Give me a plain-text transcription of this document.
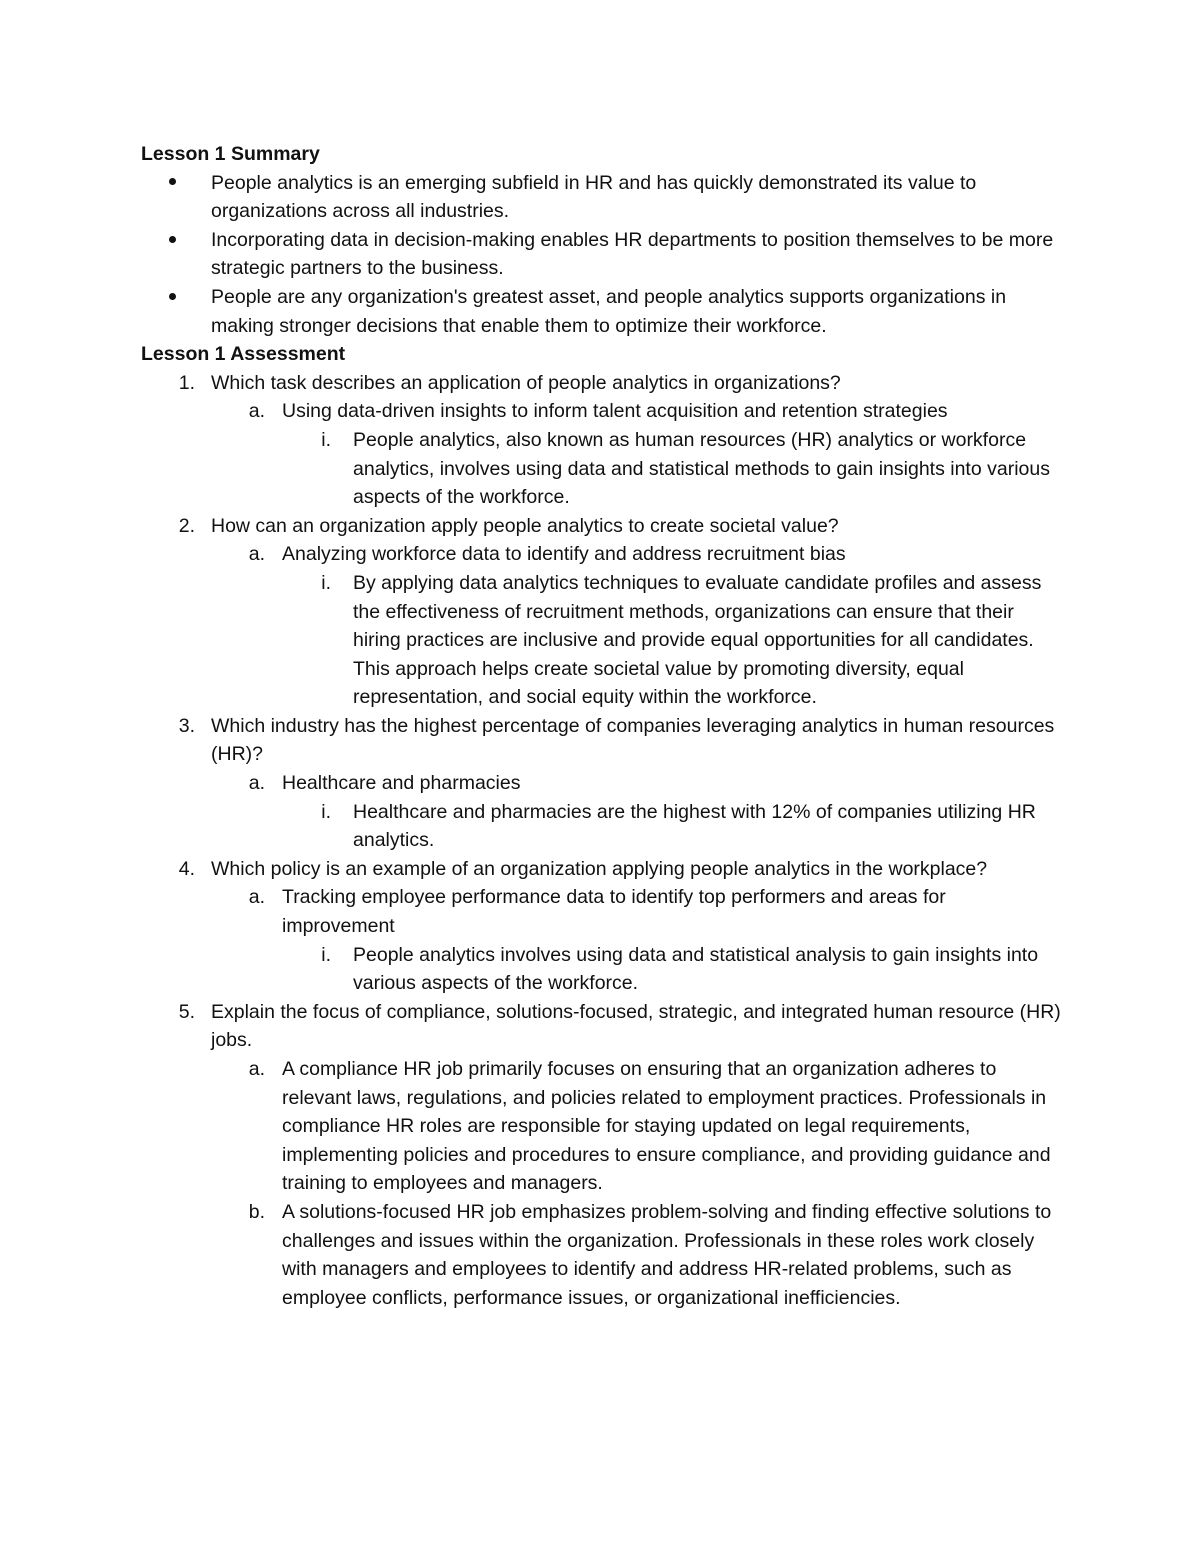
Lesson 1 Summary
People analytics is an emerging subfield in HR and has quickly demonstrated its value to organizations across all industries.
Incorporating data in decision-making enables HR departments to position themselves to be more strategic partners to the business.
People are any organization's greatest asset, and people analytics supports organizations in making stronger decisions that enable them to optimize their workforce.
Lesson 1 Assessment
1. Which task describes an application of people analytics in organizations?
a. Using data-driven insights to inform talent acquisition and retention strategies
i. People analytics, also known as human resources (HR) analytics or workforce analytics, involves using data and statistical methods to gain insights into various aspects of the workforce.
2. How can an organization apply people analytics to create societal value?
a. Analyzing workforce data to identify and address recruitment bias
i. By applying data analytics techniques to evaluate candidate profiles and assess the effectiveness of recruitment methods, organizations can ensure that their hiring practices are inclusive and provide equal opportunities for all candidates. This approach helps create societal value by promoting diversity, equal representation, and social equity within the workforce.
3. Which industry has the highest percentage of companies leveraging analytics in human resources (HR)?
a. Healthcare and pharmacies
i. Healthcare and pharmacies are the highest with 12% of companies utilizing HR analytics.
4. Which policy is an example of an organization applying people analytics in the workplace?
a. Tracking employee performance data to identify top performers and areas for improvement
i. People analytics involves using data and statistical analysis to gain insights into various aspects of the workforce.
5. Explain the focus of compliance, solutions-focused, strategic, and integrated human resource (HR) jobs.
a. A compliance HR job primarily focuses on ensuring that an organization adheres to relevant laws, regulations, and policies related to employment practices. Professionals in compliance HR roles are responsible for staying updated on legal requirements, implementing policies and procedures to ensure compliance, and providing guidance and training to employees and managers.
b. A solutions-focused HR job emphasizes problem-solving and finding effective solutions to challenges and issues within the organization. Professionals in these roles work closely with managers and employees to identify and address HR-related problems, such as employee conflicts, performance issues, or organizational inefficiencies.
